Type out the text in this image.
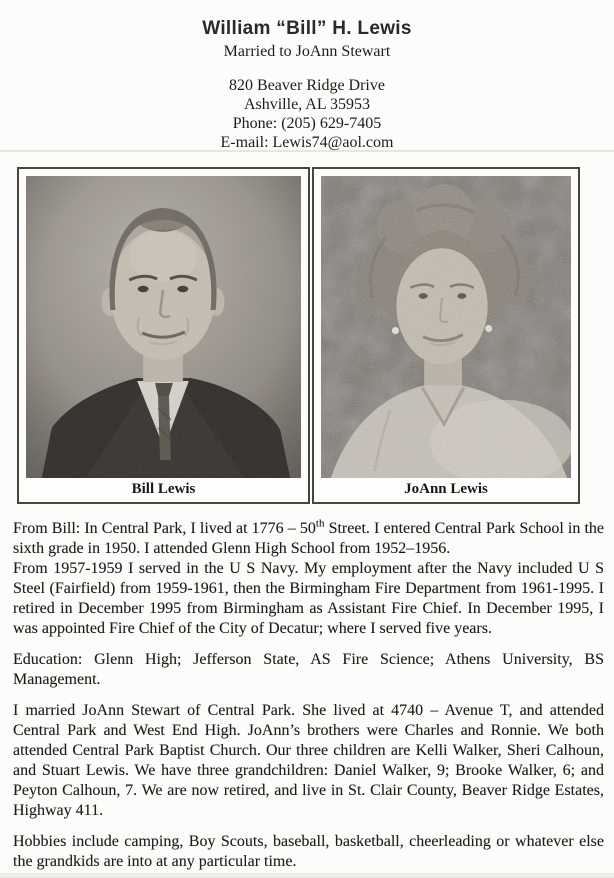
William “Bill” H. Lewis
Married to JoAnn Stewart
820 Beaver Ridge Drive
Ashville, AL 35953
Phone: (205) 629-7405
E-mail: Lewis74@aol.com
Bill Lewis	JoAnn Lewis

From Bill: In Central Park, I lived at 1776 – 50th Street. I entered Central Park School in the sixth grade in 1950. I attended Glenn High School from 1952–1956.

From 1957-1959 I served in the U S Navy. My employment after the Navy included U S Steel (Fairfield) from 1959-1961, then the Birmingham Fire Department from 1961-1995. I retired in December 1995 from Birmingham as Assistant Fire Chief. In December 1995, I was appointed Fire Chief of the City of Decatur; where I served five years.

Education: Glenn High; Jefferson State, AS Fire Science; Athens University, BS Management.

I married JoAnn Stewart of Central Park. She lived at 4740 – Avenue T, and attended Central Park and West End High. JoAnn’s brothers were Charles and Ronnie. We both attended Central Park Baptist Church. Our three children are Kelli Walker, Sheri Calhoun, and Stuart Lewis. We have three grandchildren: Daniel Walker, 9; Brooke Walker, 6; and Peyton Calhoun, 7. We are now retired, and live in St. Clair County, Beaver Ridge Estates, Highway 411.

Hobbies include camping, Boy Scouts, baseball, basketball, cheerleading or whatever else the grandkids are into at any particular time.
